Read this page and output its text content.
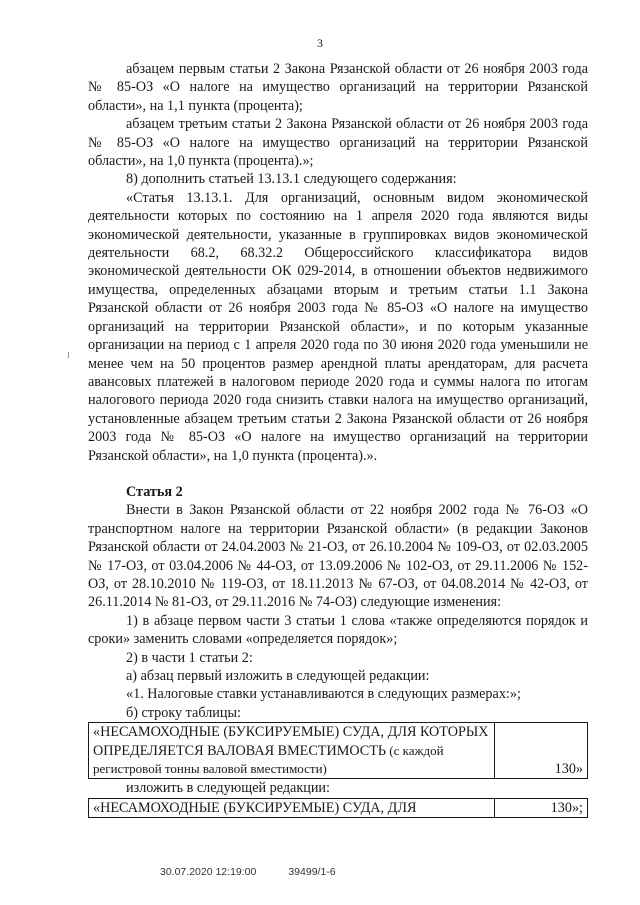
3

абзацем первым статьи 2 Закона Рязанской области от 26 ноября 2003 года № 85-ОЗ «О налоге на имущество организаций на территории Рязанской области», на 1,1 пункта (процента);

абзацем третьим статьи 2 Закона Рязанской области от 26 ноября 2003 года № 85-ОЗ «О налоге на имущество организаций на территории Рязанской области», на 1,0 пункта (процента).»;

8) дополнить статьей 13.13.1 следующего содержания:

«Статья 13.13.1. Для организаций, основным видом экономической деятельности которых по состоянию на 1 апреля 2020 года являются виды экономической деятельности, указанные в группировках видов экономической деятельности 68.2, 68.32.2 Общероссийского классификатора видов экономической деятельности ОК 029-2014, в отношении объектов недвижимого имущества, определенных абзацами вторым и третьим статьи 1.1 Закона Рязанской области от 26 ноября 2003 года № 85-ОЗ «О налоге на имущество организаций на территории Рязанской области», и по которым указанные организации на период с 1 апреля 2020 года по 30 июня 2020 года уменьшили не менее чем на 50 процентов размер арендной платы арендаторам, для расчета авансовых платежей в налоговом периоде 2020 года и суммы налога по итогам налогового периода 2020 года снизить ставки налога на имущество организаций, установленные абзацем третьим статьи 2 Закона Рязанской области от 26 ноября 2003 года № 85-ОЗ «О налоге на имущество организаций на территории Рязанской области», на 1,0 пункта (процента).».

Статья 2

Внести в Закон Рязанской области от 22 ноября 2002 года № 76-ОЗ «О транспортном налоге на территории Рязанской области» (в редакции Законов Рязанской области от 24.04.2003 № 21-ОЗ, от 26.10.2004 № 109-ОЗ, от 02.03.2005 № 17-ОЗ, от 03.04.2006 № 44-ОЗ, от 13.09.2006 № 102-ОЗ, от 29.11.2006 № 152-ОЗ, от 28.10.2010 № 119-ОЗ, от 18.11.2013 № 67-ОЗ, от 04.08.2014 № 42-ОЗ, от 26.11.2014 № 81-ОЗ, от 29.11.2016 № 74-ОЗ) следующие изменения:

1) в абзаце первом части 3 статьи 1 слова «также определяются порядок и сроки» заменить словами «определяется порядок»;

2) в части 1 статьи 2:

а) абзац первый изложить в следующей редакции:

«1. Налоговые ставки устанавливаются в следующих размерах:»;

б) строку таблицы:

«НЕСАМОХОДНЫЕ (БУКСИРУЕМЫЕ) СУДА, ДЛЯ КОТОРЫХ ОПРЕДЕЛЯЕТСЯ ВАЛОВАЯ ВМЕСТИМОСТЬ (с каждой регистровой тонны валовой вместимости)	130»

изложить в следующей редакции:

«НЕСАМОХОДНЫЕ (БУКСИРУЕМЫЕ) СУДА, ДЛЯ	130»;
30.07.2020 12:19:00	39499/1-6
